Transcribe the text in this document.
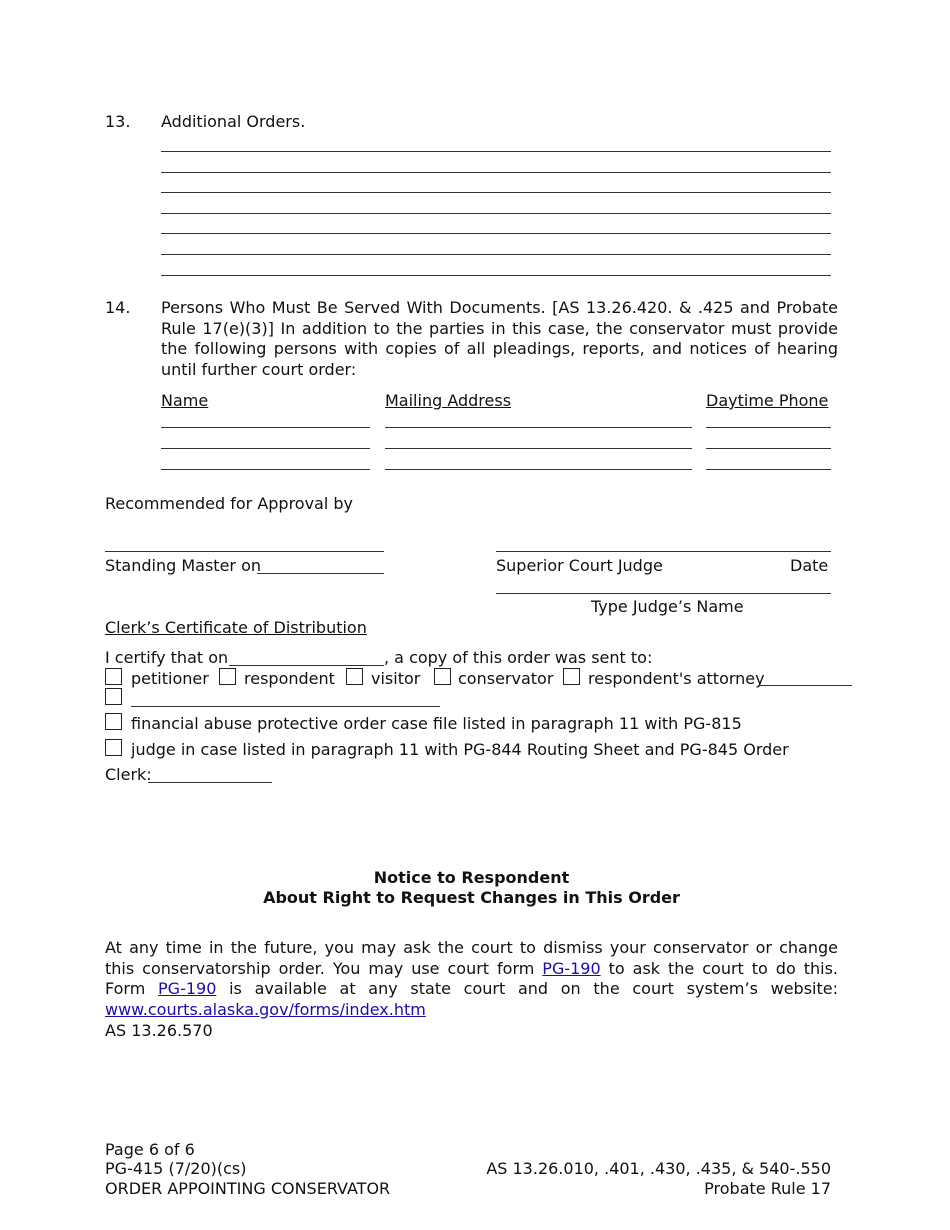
13. Additional Orders.
14. Persons Who Must Be Served With Documents. [AS 13.26.420. & .425 and Probate Rule 17(e)(3)] In addition to the parties in this case, the conservator must provide the following persons with copies of all pleadings, reports, and notices of hearing until further court order:
Name	Mailing Address	Daytime Phone
Recommended for Approval by
Standing Master on	Superior Court Judge	Date
Type Judge’s Name
Clerk’s Certificate of Distribution
I certify that on	, a copy of this order was sent to:
petitioner respondent visitor conservator respondent's attorney
financial abuse protective order case file listed in paragraph 11 with PG-815
judge in case listed in paragraph 11 with PG-844 Routing Sheet and PG-845 Order
Clerk:
Notice to Respondent
About Right to Request Changes in This Order
At any time in the future, you may ask the court to dismiss your conservator or change this conservatorship order. You may use court form PG-190 to ask the court to do this. Form PG-190 is available at any state court and on the court system’s website: www.courts.alaska.gov/forms/index.htm
AS 13.26.570
Page 6 of 6
PG-415 (7/20)(cs)
ORDER APPOINTING CONSERVATOR
AS 13.26.010, .401, .430, .435, & 540-.550
Probate Rule 17
